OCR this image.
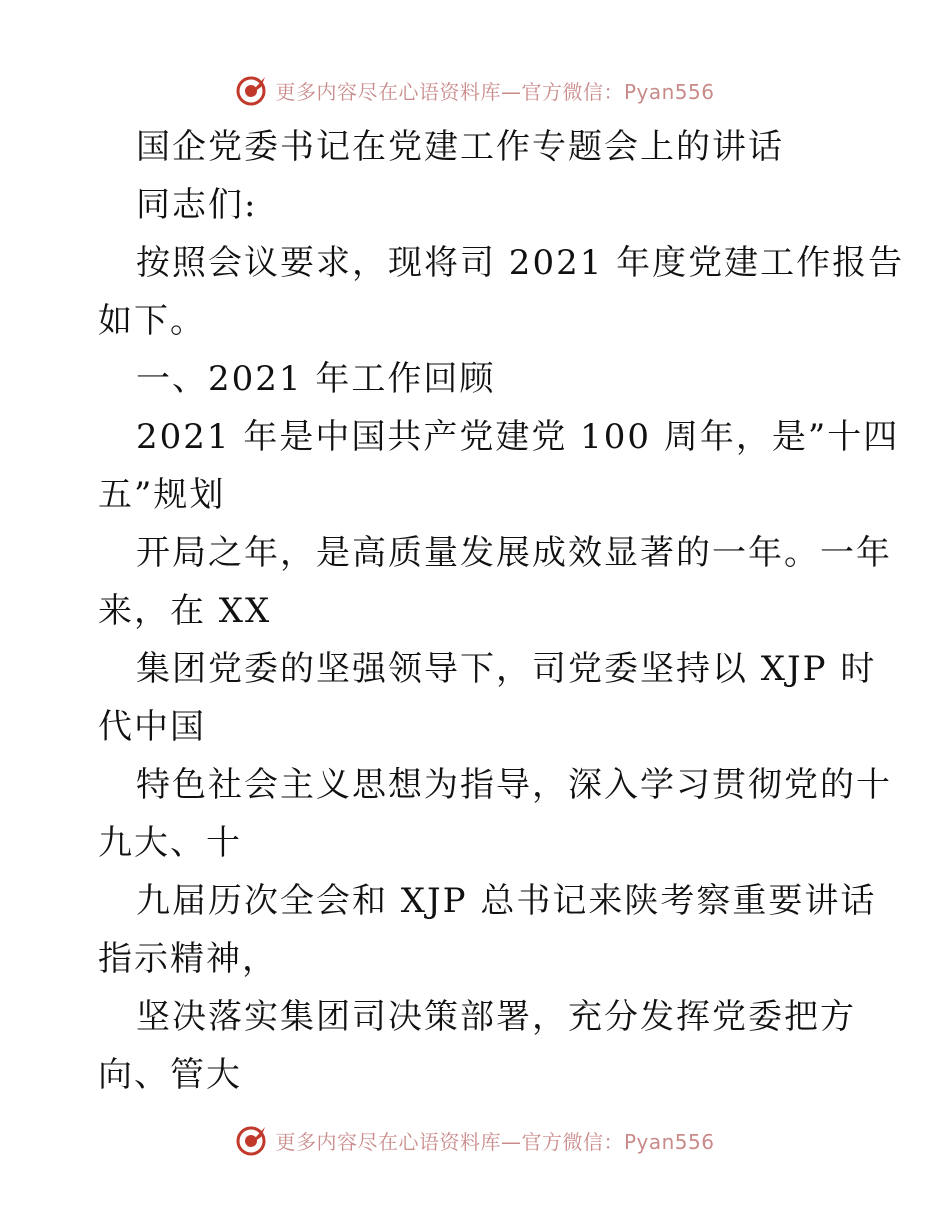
更多内容尽在心语资料库—官方微信：Pyan556
国企党委书记在党建工作专题会上的讲话
同志们:
按照会议要求，现将司 2021 年度党建工作报告
如下。
一、2021 年工作回顾
2021 年是中国共产党建党 100 周年，是”十四
五”规划
开局之年，是高质量发展成效显著的一年。一年
来，在 XX
集团党委的坚强领导下，司党委坚持以 XJP 时
代中国
特色社会主义思想为指导，深入学习贯彻党的十
九大、十
九届历次全会和 XJP 总书记来陕考察重要讲话
指示精神，
坚决落实集团司决策部署，充分发挥党委把方
向、管大
更多内容尽在心语资料库—官方微信：Pyan556
